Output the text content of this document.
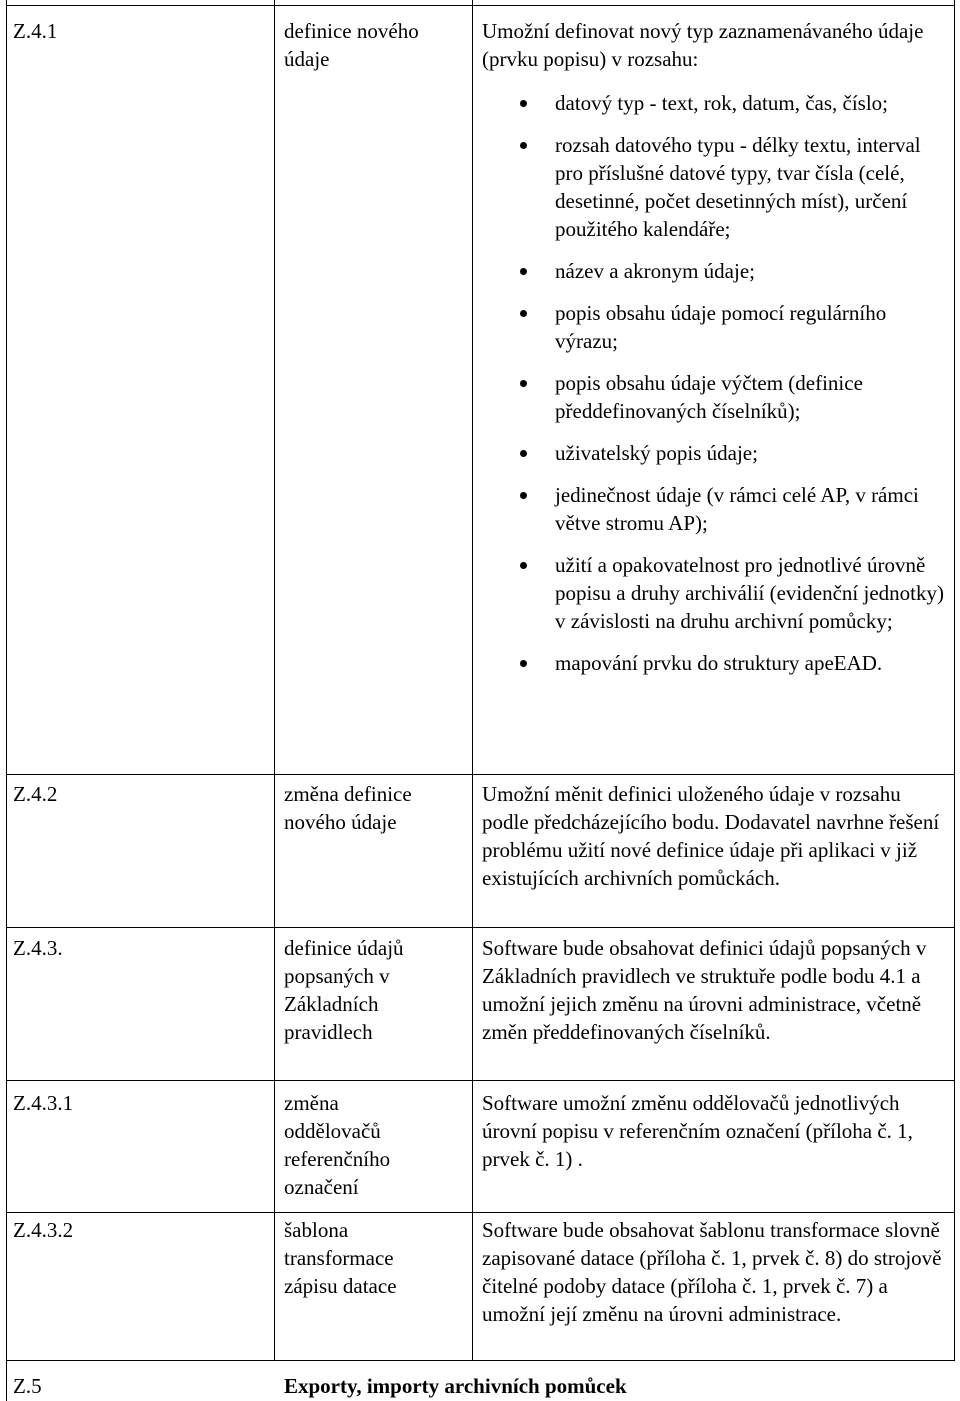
Z.4.1	definice nového údaje
Umožní definovat nový typ zaznamenávaného údaje (prvku popisu) v rozsahu:
datový typ - text, rok, datum, čas, číslo;
rozsah datového typu - délky textu, interval pro příslušné datové typy, tvar čísla (celé, desetinné, počet desetinných míst), určení použitého kalendáře;
název a akronym údaje;
popis obsahu údaje pomocí regulárního výrazu;
popis obsahu údaje výčtem (definice předdefinovaných číselníků);
uživatelský popis údaje;
jedinečnost údaje (v rámci celé AP, v rámci větve stromu AP);
užití a opakovatelnost pro jednotlivé úrovně popisu a druhy archiválií (evidenční jednotky) v závislosti na druhu archivní pomůcky;
mapování prvku do struktury apeEAD.
Z.4.2	změna definice nového údaje
Umožní měnit definici uloženého údaje v rozsahu podle předcházejícího bodu. Dodavatel navrhne řešení problému užití nové definice údaje při aplikaci v již existujících archivních pomůckách.
Z.4.3.	definice údajů popsaných v Základních pravidlech
Software bude obsahovat definici údajů popsaných v Základních pravidlech ve struktuře podle bodu 4.1 a umožní jejich změnu na úrovni administrace, včetně změn předdefinovaných číselníků.
Z.4.3.1	změna oddělovačů referenčního označení
Software umožní změnu oddělovačů jednotlivých úrovní popisu v referenčním označení (příloha č. 1, prvek č. 1) .
Z.4.3.2	šablona transformace zápisu datace
Software bude obsahovat šablonu transformace slovně zapisované datace (příloha č. 1, prvek č. 8) do strojově čitelné podoby datace (příloha č. 1, prvek č. 7) a umožní její změnu na úrovni administrace.
Z.5	Exporty, importy archivních pomůcek
